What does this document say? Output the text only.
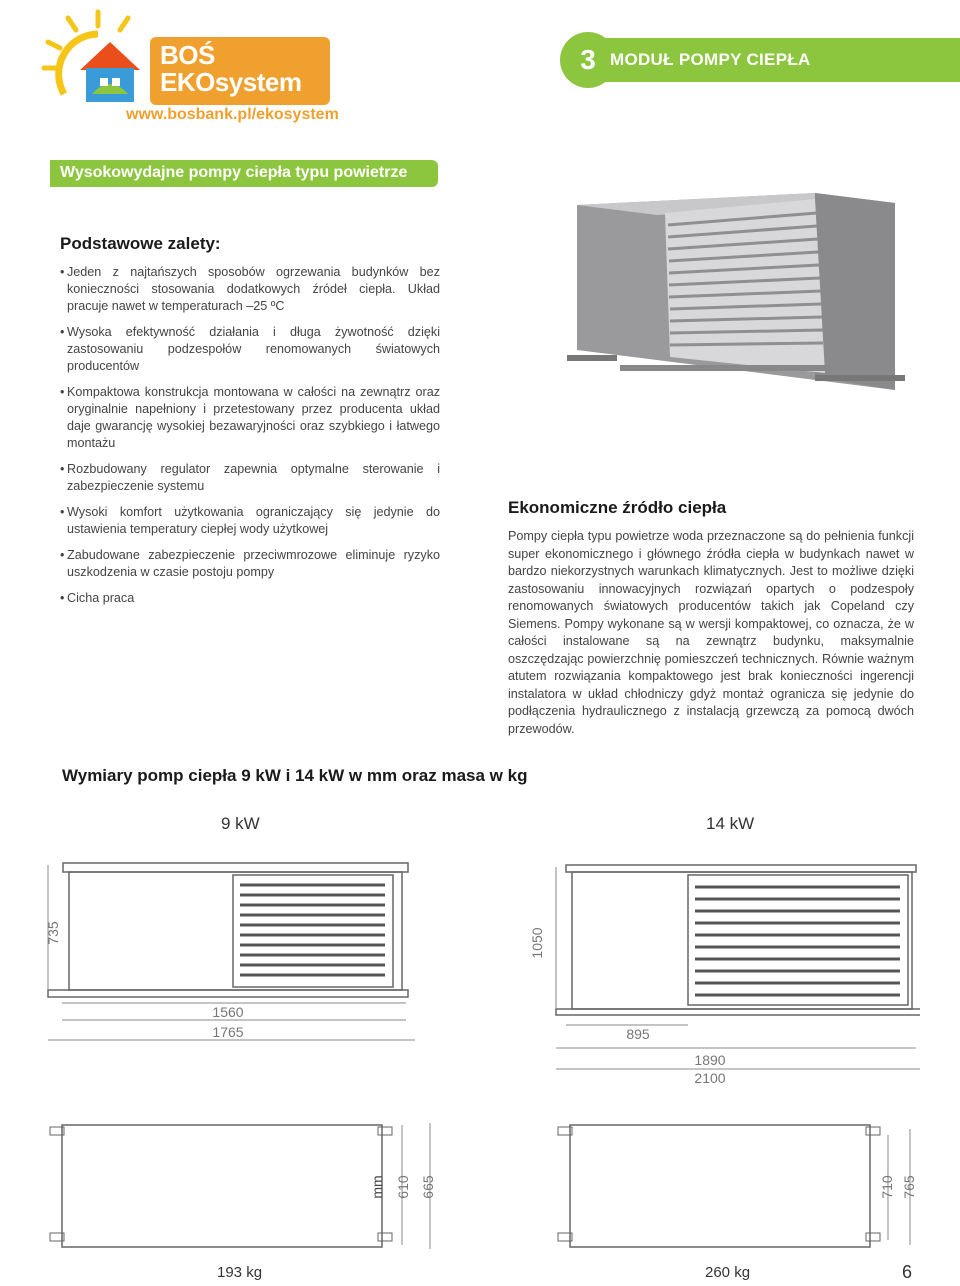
BOŚ
EKOsystem
www.bosbank.pl/ekosystem
3 MODUŁ POMPY CIEPŁA
Wysokowydajne pompy ciepła typu powietrze
Podstawowe zalety:
• Jeden z najtańszych sposobów ogrzewania budynków bez konieczności stosowania dodatkowych źródeł ciepła. Układ pracuje nawet w temperaturach –25 ºC
• Wysoka efektywność działania i długa żywotność dzięki zastosowaniu podzespołów renomowanych światowych producentów
• Kompaktowa konstrukcja montowana w całości na zewnątrz oraz oryginalnie napełniony i przetestowany przez producenta układ daje gwarancję wysokiej bezawaryjności oraz szybkiego i łatwego montażu
• Rozbudowany regulator zapewnia optymalne sterowanie i zabezpieczenie systemu
• Wysoki komfort użytkowania ograniczający się jedynie do ustawienia temperatury ciepłej wody użytkowej
• Zabudowane zabezpieczenie przeciwmrozowe eliminuje ryzyko uszkodzenia w czasie postoju pompy
• Cicha praca
Ekonomiczne źródło ciepła
Pompy ciepła typu powietrze woda przeznaczone są do pełnienia funkcji super ekonomicznego i głównego źródła ciepła w budynkach nawet w bardzo niekorzystnych warunkach klimatycznych. Jest to możliwe dzięki zastosowaniu innowacyjnych rozwiązań opartych o podzespoły renomowanych światowych producentów takich jak Copeland czy Siemens. Pompy wykonane są w wersji kompaktowej, co oznacza, że w całości instalowane są na zewnątrz budynku, maksymalnie oszczędzając powierzchnię pomieszczeń technicznych. Równie ważnym atutem rozwiązania kompaktowego jest brak konieczności ingerencji instalatora w układ chłodniczy gdyż montaż ogranicza się jedynie do podłączenia hydraulicznego z instalacją grzewczą za pomocą dwóch przewodów.
Wymiary pomp ciepła 9 kW i 14 kW w mm oraz masa w kg
9 kW	14 kW
735
1560
1765
1050
895
1890
2100
mm 610 665	710 765
193 kg	260 kg	6
